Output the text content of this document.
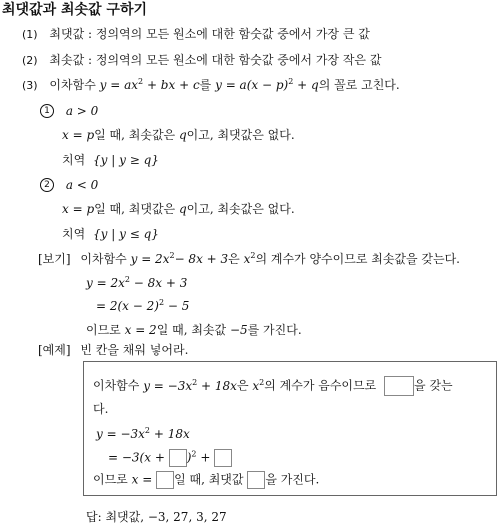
최댓값과 최솟값 구하기
(1) 최댓값 : 정의역의 모든 원소에 대한 함숫값 중에서 가장 큰 값
(2) 최솟값 : 정의역의 모든 원소에 대한 함숫값 중에서 가장 작은 값
(3) 이차함수 $y = ax^2$ + bx + c를 $y = a(x - p)^2 + q$의 꼴로 고친다.
1 a > 0
x = p일 때, 최솟값은 q이고, 최댓값은 없다.
치역 {y | y ≥ q}
2 a < 0
x = p일 때, 최댓값은 q이고, 최솟값은 없다.
치역 {y | y ≤ q}
[보기] 이차함수 $y = 2x^2- 8x + 3$은 $x^2$의 계수가 양수이므로 최솟값을 갖는다.
$y = 2x^2 - 8x + 3$
= $2(x - 2)^2 - 5$
이므로 x = 2일 때, 최솟값 −5를 가진다.
[예제] 빈 칸을 채워 넣어라.
이차함수 $y = -3x^2 + 18x$은 $x^2$의 계수가 음수이므로	을 갖는
다.
$y = -3x^2 + 18x$
= $-3(x + )^2$ +
이므로 x = 일 때, 최댓값 을 가진다.
답: 최댓값, −3, 27, 3, 27
